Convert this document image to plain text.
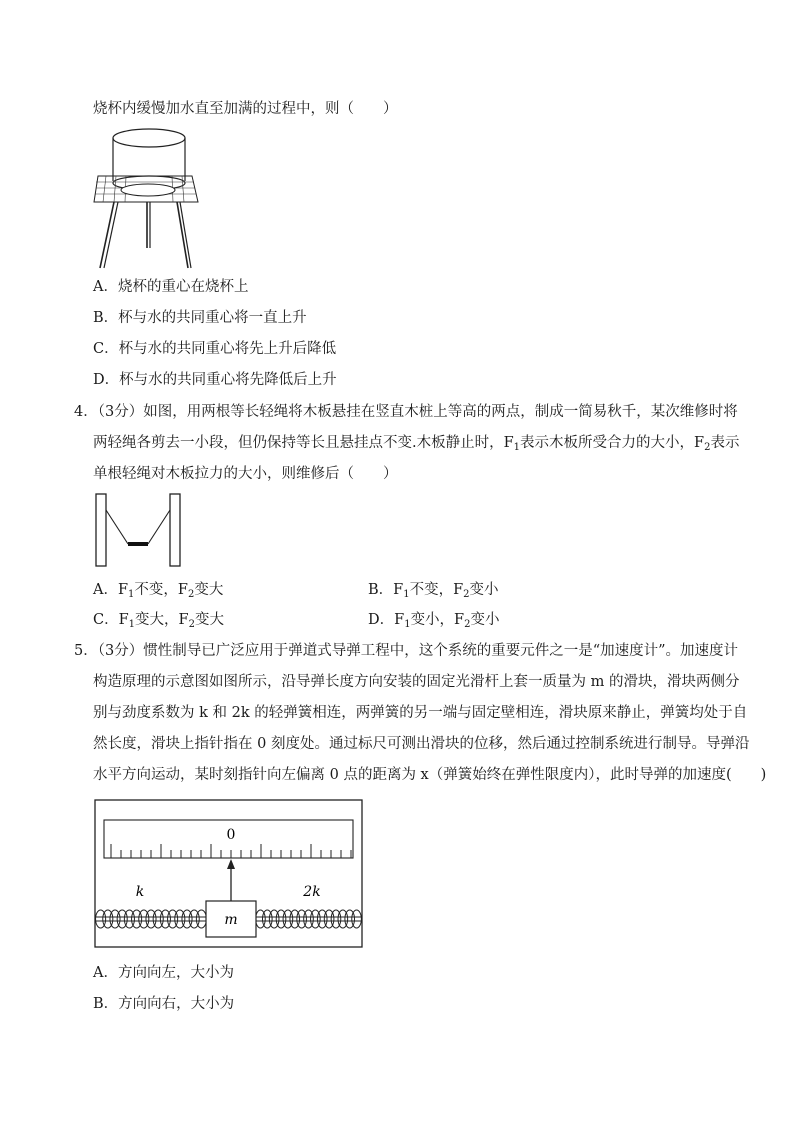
烧杯内缓慢加水直至加满的过程中，则（　　）
A．烧杯的重心在烧杯上
B．杯与水的共同重心将一直上升
C．杯与水的共同重心将先上升后降低
D．杯与水的共同重心将先降低后上升
4．（3分）如图，用两根等长轻绳将木板悬挂在竖直木桩上等高的两点，制成一简易秋千，某次维修时将
两轻绳各剪去一小段，但仍保持等长且悬挂点不变.木板静止时，$F_1$表示木板所受合力的大小，$F_2$表示
单根轻绳对木板拉力的大小，则维修后（　　）
A．$F_1$不变，$F_2$变大	B．$F_1$不变，$F_2$变小
C．$F_1$变大，$F_2$变大	D．$F_1$变小，$F_2$变小
5．（3分）惯性制导已广泛应用于弹道式导弹工程中，这个系统的重要元件之一是“加速度计”。加速度计
构造原理的示意图如图所示，沿导弹长度方向安装的固定光滑杆上套一质量为 m 的滑块，滑块两侧分
别与劲度系数为 k 和 2k 的轻弹簧相连，两弹簧的另一端与固定壁相连，滑块原来静止，弹簧均处于自
然长度，滑块上指针指在 0 刻度处。通过标尺可测出滑块的位移，然后通过控制系统进行制导。导弹沿
水平方向运动，某时刻指针向左偏离 0 点的距离为 x（弹簧始终在弹性限度内），此时导弹的加速度(　　)
0
k	2k
m
A．方向向左，大小为
B．方向向右，大小为
